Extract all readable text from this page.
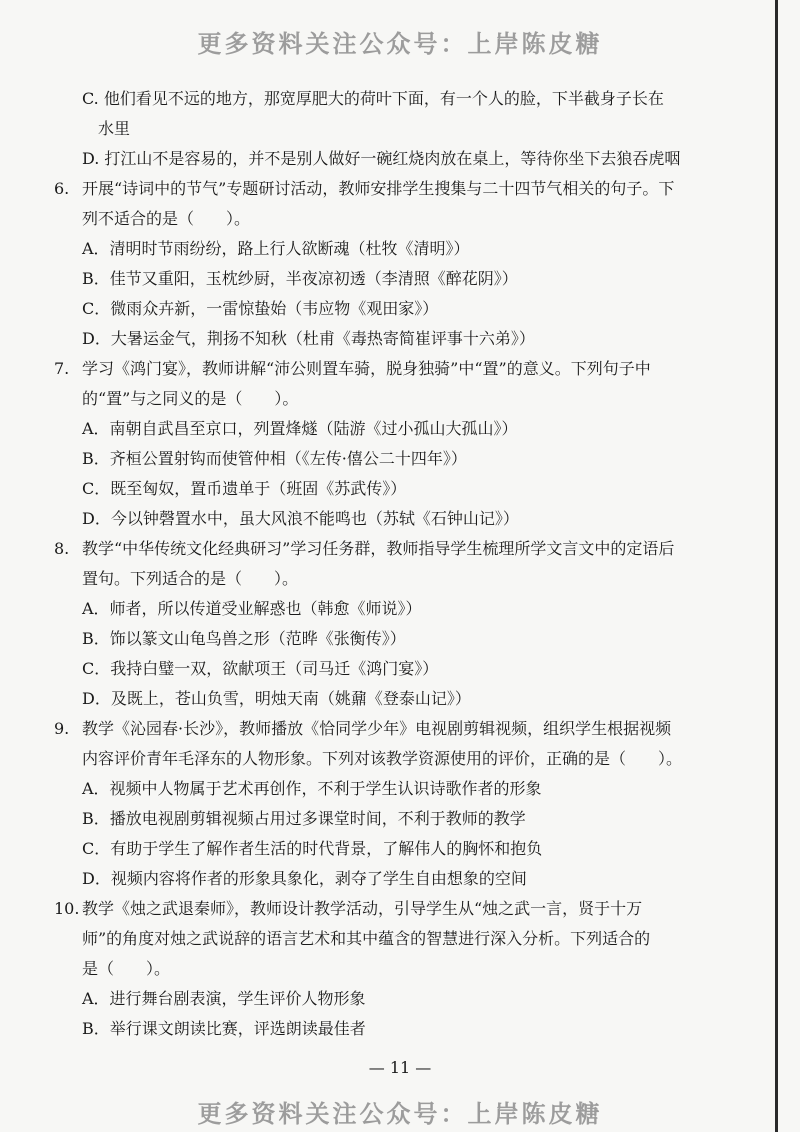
更多资料关注公众号：上岸陈皮糖
C. 他们看见不远的地方，那宽厚肥大的荷叶下面，有一个人的脸，下半截身子长在
水里
D. 打江山不是容易的，并不是别人做好一碗红烧肉放在桌上，等待你坐下去狼吞虎咽
6. 开展“诗词中的节气”专题研讨活动，教师安排学生搜集与二十四节气相关的句子。下
列不适合的是（　　）。
A．清明时节雨纷纷，路上行人欲断魂（杜牧《清明》）
B．佳节又重阳，玉枕纱厨，半夜凉初透（李清照《醉花阴》）
C．微雨众卉新，一雷惊蛰始（韦应物《观田家》）
D．大暑运金气，荆扬不知秋（杜甫《毒热寄简崔评事十六弟》）
7. 学习《鸿门宴》，教师讲解“沛公则置车骑，脱身独骑”中“置”的意义。下列句子中
的“置”与之同义的是（　　）。
A．南朝自武昌至京口，列置烽燧（陆游《过小孤山大孤山》）
B．齐桓公置射钩而使管仲相（《左传·僖公二十四年》）
C．既至匈奴，置币遗单于（班固《苏武传》）
D．今以钟磬置水中，虽大风浪不能鸣也（苏轼《石钟山记》）
8. 教学“中华传统文化经典研习”学习任务群，教师指导学生梳理所学文言文中的定语后
置句。下列适合的是（　　）。
A．师者，所以传道受业解惑也（韩愈《师说》）
B．饰以篆文山龟鸟兽之形（范晔《张衡传》）
C．我持白璧一双，欲献项王（司马迁《鸿门宴》）
D．及既上，苍山负雪，明烛天南（姚鼐《登泰山记》）
9. 教学《沁园春·长沙》，教师播放《恰同学少年》电视剧剪辑视频，组织学生根据视频
内容评价青年毛泽东的人物形象。下列对该教学资源使用的评价，正确的是（　　）。
A．视频中人物属于艺术再创作，不利于学生认识诗歌作者的形象
B．播放电视剧剪辑视频占用过多课堂时间，不利于教师的教学
C．有助于学生了解作者生活的时代背景，了解伟人的胸怀和抱负
D．视频内容将作者的形象具象化，剥夺了学生自由想象的空间
10. 教学《烛之武退秦师》，教师设计教学活动，引导学生从“烛之武一言，贤于十万
师”的角度对烛之武说辞的语言艺术和其中蕴含的智慧进行深入分析。下列适合的
是（　　）。
A．进行舞台剧表演，学生评价人物形象
B．举行课文朗读比赛，评选朗读最佳者
— 11 —
更多资料关注公众号：上岸陈皮糖
